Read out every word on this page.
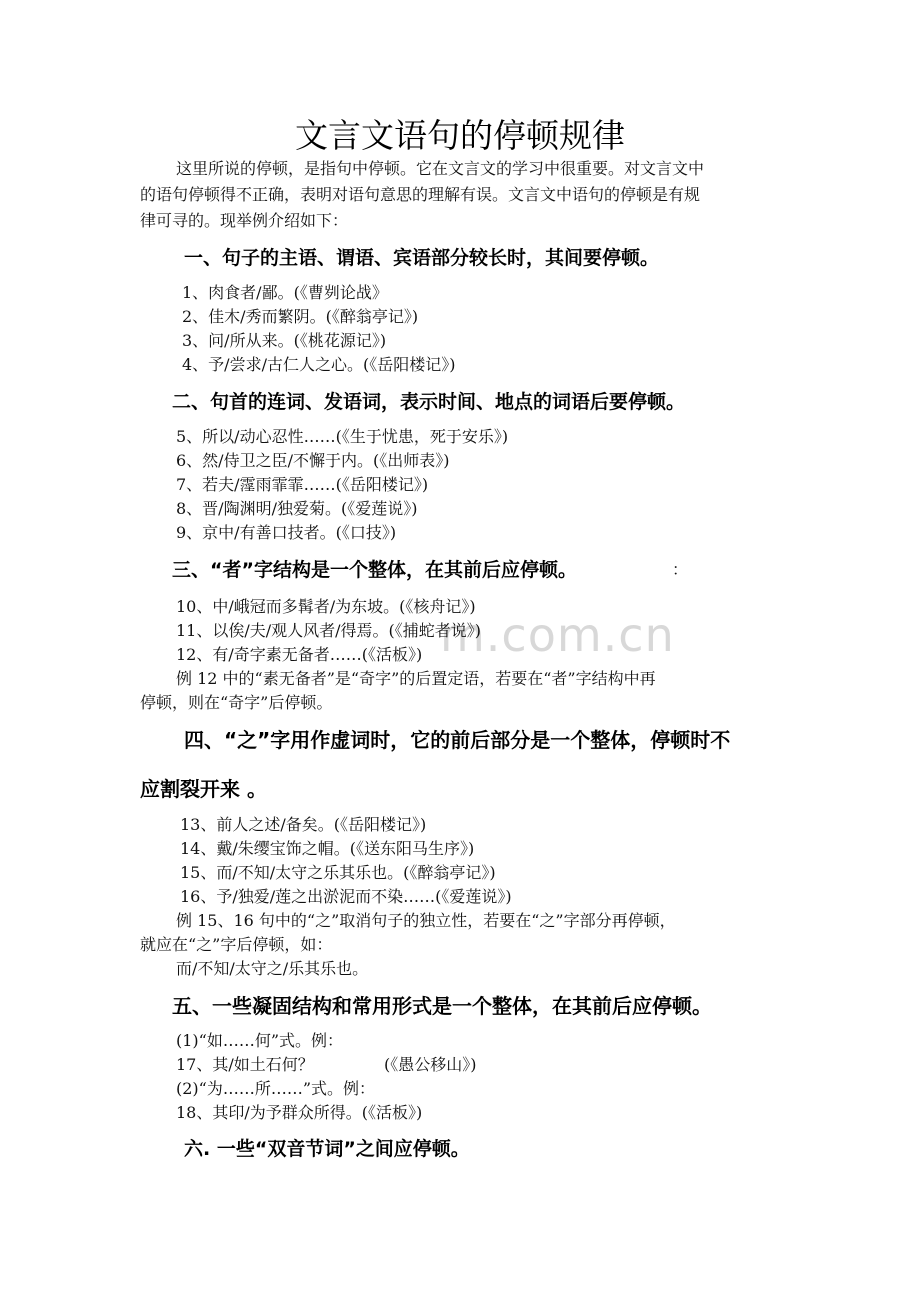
文言文语句的停顿规律
这里所说的停顿，是指句中停顿。它在文言文的学习中很重要。对文言文中
的语句停顿得不正确，表明对语句意思的理解有误。文言文中语句的停顿是有规
律可寻的。现举例介绍如下：
一、句子的主语、谓语、宾语部分较长时，其间要停顿。
1、肉食者/鄙。(《曹刿论战》
2、佳木/秀而繁阴。(《醉翁亭记》)
3、问/所从来。(《桃花源记》)
4、予/尝求/古仁人之心。(《岳阳楼记》)
二、句首的连词、发语词，表示时间、地点的词语后要停顿。
5、所以/动心忍性……(《生于忧患，死于安乐》)
6、然/侍卫之臣/不懈于内。(《出师表》)
7、若夫/霪雨霏霏……(《岳阳楼记》)
8、晋/陶渊明/独爱菊。(《爱莲说》)
9、京中/有善口技者。(《口技》)
m.com.cn
三、“者”字结构是一个整体，在其前后应停顿。	：
10、中/峨冠而多髯者/为东坡。(《核舟记》)
11、以俟/夫/观人风者/得焉。(《捕蛇者说》)
12、有/奇字素无备者……(《活板》)
例 12 中的“素无备者”是“奇字”的后置定语，若要在“者”字结构中再
停顿，则在“奇字”后停顿。
四、“之”字用作虚词时，它的前后部分是一个整体，停顿时不
应割裂开来 。
13、前人之述/备矣。(《岳阳楼记》)
14、戴/朱缨宝饰之帽。(《送东阳马生序》)
15、而/不知/太守之乐其乐也。(《醉翁亭记》)
16、予/独爱/莲之出淤泥而不染……(《爱莲说》)
例 15、16 句中的“之”取消句子的独立性，若要在“之”字部分再停顿，
就应在“之”字后停顿，如：
而/不知/太守之/乐其乐也。
五、一些凝固结构和常用形式是一个整体，在其前后应停顿。
(1)“如……何”式。例：
17、其/如土石何？	(《愚公移山》)
(2)“为……所……”式。例：
18、其印/为予群众所得。(《活板》)
六. 一些“双音节词”之间应停顿。
